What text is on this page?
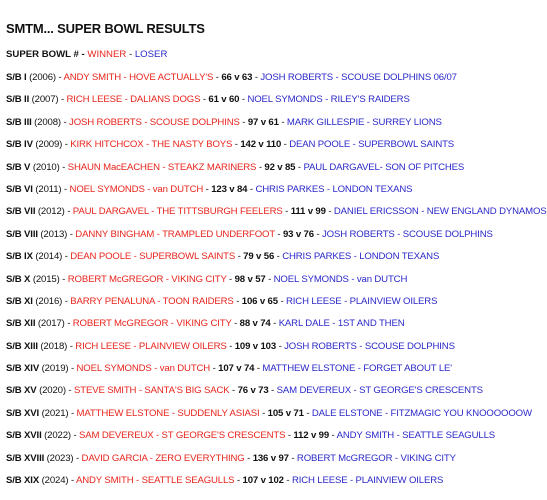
SMTM... SUPER BOWL RESULTS
SUPER BOWL # - WINNER - LOSER
S/B I (2006) - ANDY SMITH - HOVE ACTUALLY'S - 66 v 63 - JOSH ROBERTS - SCOUSE DOLPHINS 06/07
S/B II (2007) - RICH LEESE - DALIANS DOGS - 61 v 60 - NOEL SYMONDS - RILEY'S RAIDERS
S/B III (2008) - JOSH ROBERTS - SCOUSE DOLPHINS - 97 v 61 - MARK GILLESPIE - SURREY LIONS
S/B IV (2009) - KIRK HITCHCOX - THE NASTY BOYS - 142 v 110 - DEAN POOLE - SUPERBOWL SAINTS
S/B V (2010) - SHAUN MacEACHEN - STEAKZ MARINERS - 92 v 85 - PAUL DARGAVEL- SON OF PITCHES
S/B VI (2011) - NOEL SYMONDS - van DUTCH - 123 v 84 - CHRIS PARKES - LONDON TEXANS
S/B VII (2012) - PAUL DARGAVEL - THE TITTSBURGH FEELERS - 111 v 99 - DANIEL ERICSSON - NEW ENGLAND DYNAMOS
S/B VIII (2013) - DANNY BINGHAM - TRAMPLED UNDERFOOT - 93 v 76 - JOSH ROBERTS - SCOUSE DOLPHINS
S/B IX (2014) - DEAN POOLE - SUPERBOWL SAINTS - 79 v 56 - CHRIS PARKES - LONDON TEXANS
S/B X (2015) - ROBERT McGREGOR - VIKING CITY - 98 v 57 - NOEL SYMONDS - van DUTCH
S/B XI (2016) - BARRY PENALUNA - TOON RAIDERS - 106 v 65 - RICH LEESE - PLAINVIEW OILERS
S/B XII (2017) - ROBERT McGREGOR - VIKING CITY - 88 v 74 - KARL DALE - 1ST AND THEN
S/B XIII (2018) - RICH LEESE - PLAINVIEW OILERS - 109 v 103 - JOSH ROBERTS - SCOUSE DOLPHINS
S/B XIV (2019) - NOEL SYMONDS - van DUTCH - 107 v 74 - MATTHEW ELSTONE - FORGET ABOUT LE'
S/B XV (2020) - STEVE SMITH - SANTA'S BIG SACK - 76 v 73 - SAM DEVEREUX - ST GEORGE'S CRESCENTS
S/B XVI (2021) - MATTHEW ELSTONE - SUDDENLY ASIASI - 105 v 71 - DALE ELSTONE - FITZMAGIC YOU KNOOOOOOW
S/B XVII (2022) - SAM DEVEREUX - ST GEORGE'S CRESCENTS - 112 v 99 - ANDY SMITH - SEATTLE SEAGULLS
S/B XVIII (2023) - DAVID GARCIA - ZERO EVERYTHING - 136 v 97 - ROBERT McGREGOR - VIKING CITY
S/B XIX (2024) - ANDY SMITH - SEATTLE SEAGULLS - 107 v 102 - RICH LEESE - PLAINVIEW OILERS
